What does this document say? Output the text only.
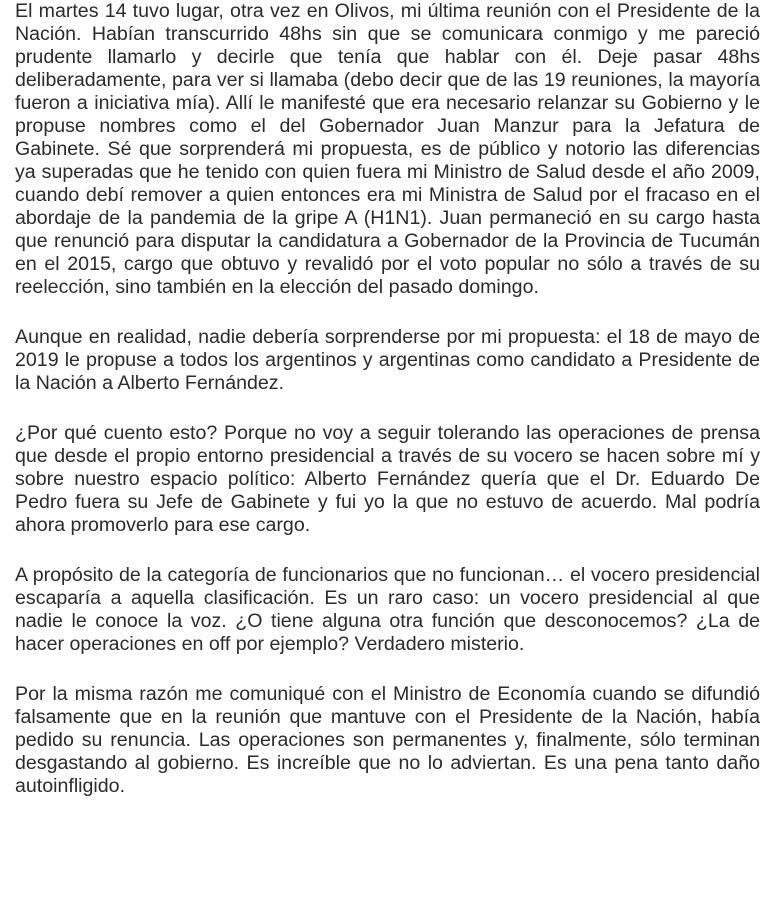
El martes 14 tuvo lugar, otra vez en Olivos, mi última reunión con el Presidente de la Nación. Habían transcurrido 48hs sin que se comunicara conmigo y me pareció prudente llamarlo y decirle que tenía que hablar con él. Deje pasar 48hs deliberadamente, para ver si llamaba (debo decir que de las 19 reuniones, la mayoría fueron a iniciativa mía). Allí le manifesté que era necesario relanzar su Gobierno y le propuse nombres como el del Gobernador Juan Manzur para la Jefatura de Gabinete. Sé que sorprenderá mi propuesta, es de público y notorio las diferencias ya superadas que he tenido con quien fuera mi Ministro de Salud desde el año 2009, cuando debí remover a quien entonces era mi Ministra de Salud por el fracaso en el abordaje de la pandemia de la gripe A (H1N1). Juan permaneció en su cargo hasta que renunció para disputar la candidatura a Gobernador de la Provincia de Tucumán en el 2015, cargo que obtuvo y revalidó por el voto popular no sólo a través de su reelección, sino también en la elección del pasado domingo.

Aunque en realidad, nadie debería sorprenderse por mi propuesta: el 18 de mayo de 2019 le propuse a todos los argentinos y argentinas como candidato a Presidente de la Nación a Alberto Fernández.

¿Por qué cuento esto? Porque no voy a seguir tolerando las operaciones de prensa que desde el propio entorno presidencial a través de su vocero se hacen sobre mí y sobre nuestro espacio político: Alberto Fernández quería que el Dr. Eduardo De Pedro fuera su Jefe de Gabinete y fui yo la que no estuvo de acuerdo. Mal podría ahora promoverlo para ese cargo.

A propósito de la categoría de funcionarios que no funcionan… el vocero presidencial escaparía a aquella clasificación. Es un raro caso: un vocero presidencial al que nadie le conoce la voz. ¿O tiene alguna otra función que desconocemos? ¿La de hacer operaciones en off por ejemplo? Verdadero misterio.

Por la misma razón me comuniqué con el Ministro de Economía cuando se difundió falsamente que en la reunión que mantuve con el Presidente de la Nación, había pedido su renuncia. Las operaciones son permanentes y, finalmente, sólo terminan desgastando al gobierno. Es increíble que no lo adviertan. Es una pena tanto daño autoinfligido.
